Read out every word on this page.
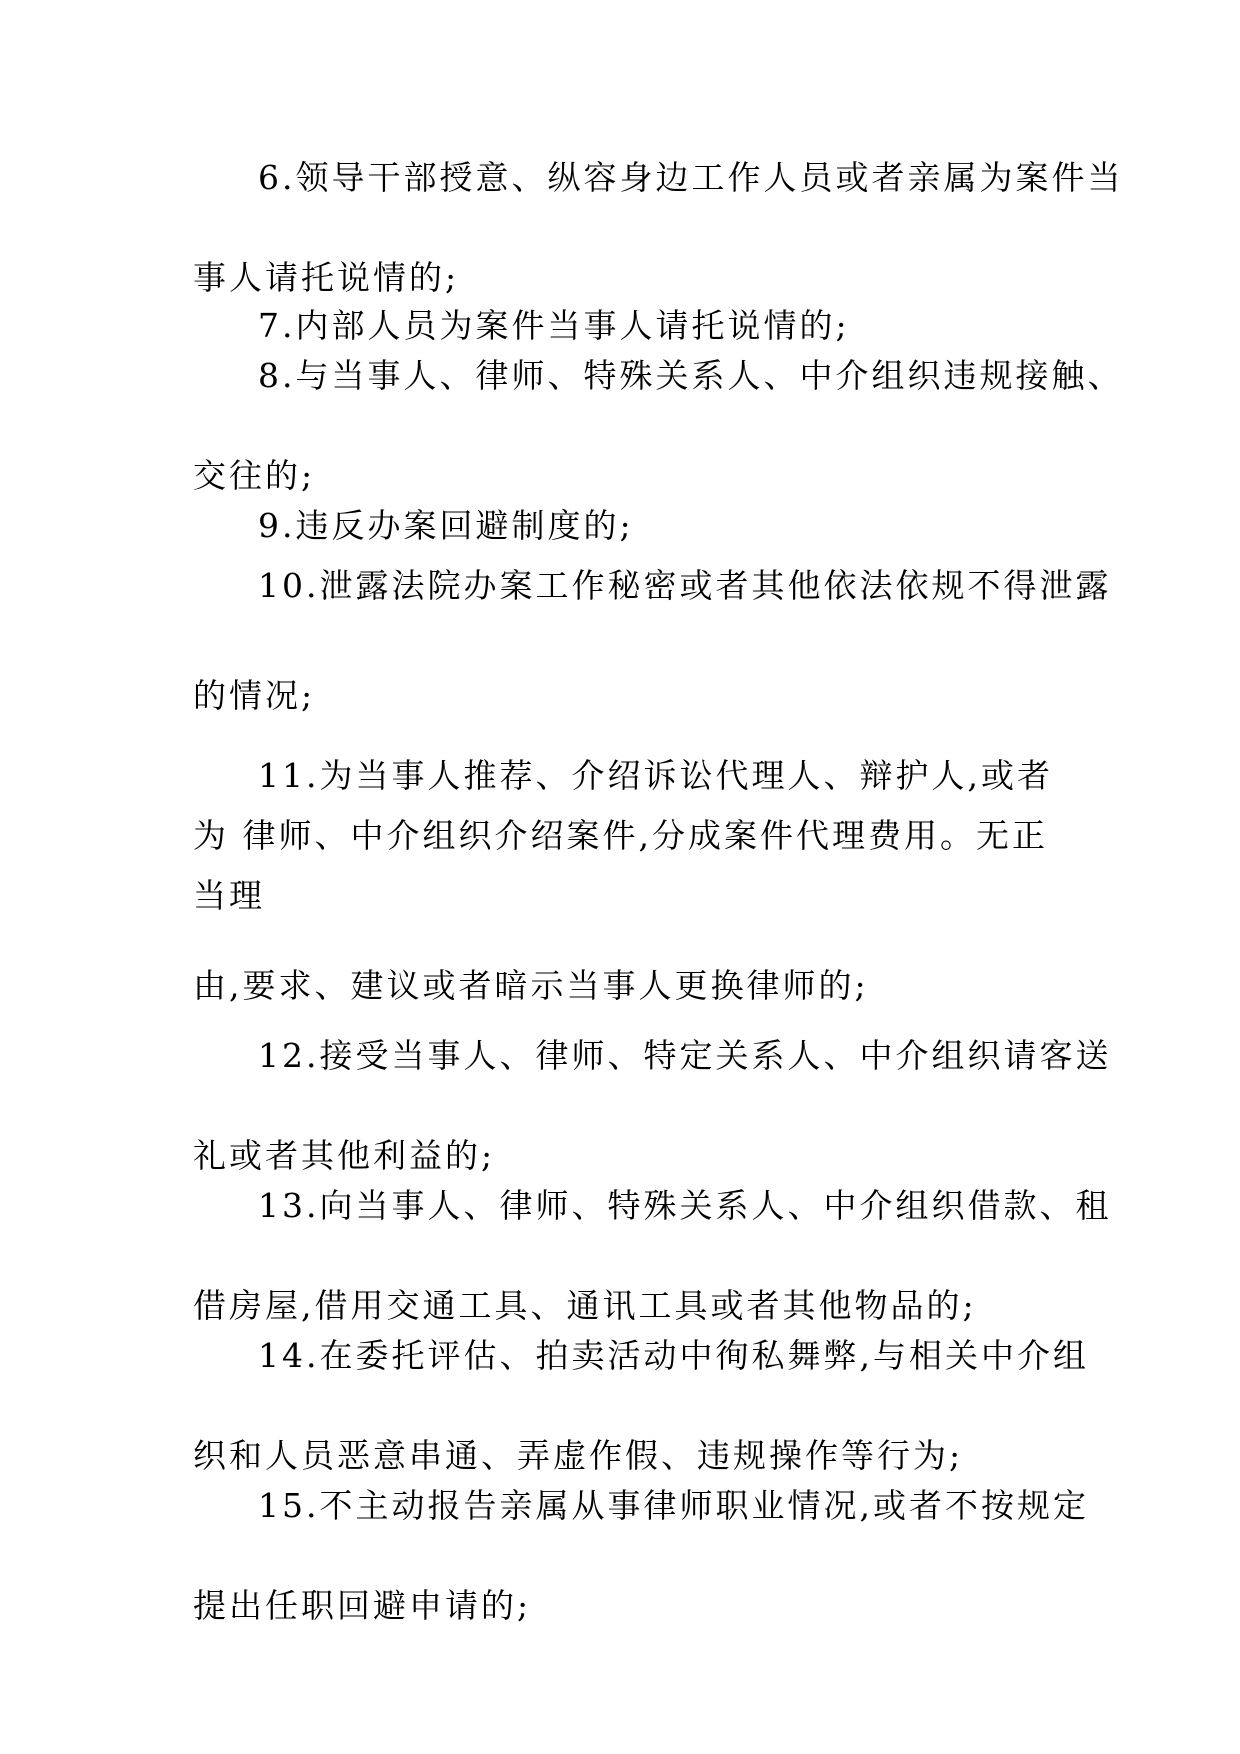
6.领导干部授意、纵容身边工作人员或者亲属为案件当
事人请托说情的;
7.内部人员为案件当事人请托说情的;
8.与当事人、律师、特殊关系人、中介组织违规接触、
交往的;
9.违反办案回避制度的;
10.泄露法院办案工作秘密或者其他依法依规不得泄露
的情况;
11.为当事人推荐、介绍诉讼代理人、辩护人,或者
为 律师、中介组织介绍案件,分成案件代理费用。无正
当理
由,要求、建议或者暗示当事人更换律师的;
12.接受当事人、律师、特定关系人、中介组织请客送
礼或者其他利益的;
13.向当事人、律师、特殊关系人、中介组织借款、租
借房屋,借用交通工具、通讯工具或者其他物品的;
14.在委托评估、拍卖活动中徇私舞弊,与相关中介组
织和人员恶意串通、弄虚作假、违规操作等行为;
15.不主动报告亲属从事律师职业情况,或者不按规定
提出任职回避申请的;
